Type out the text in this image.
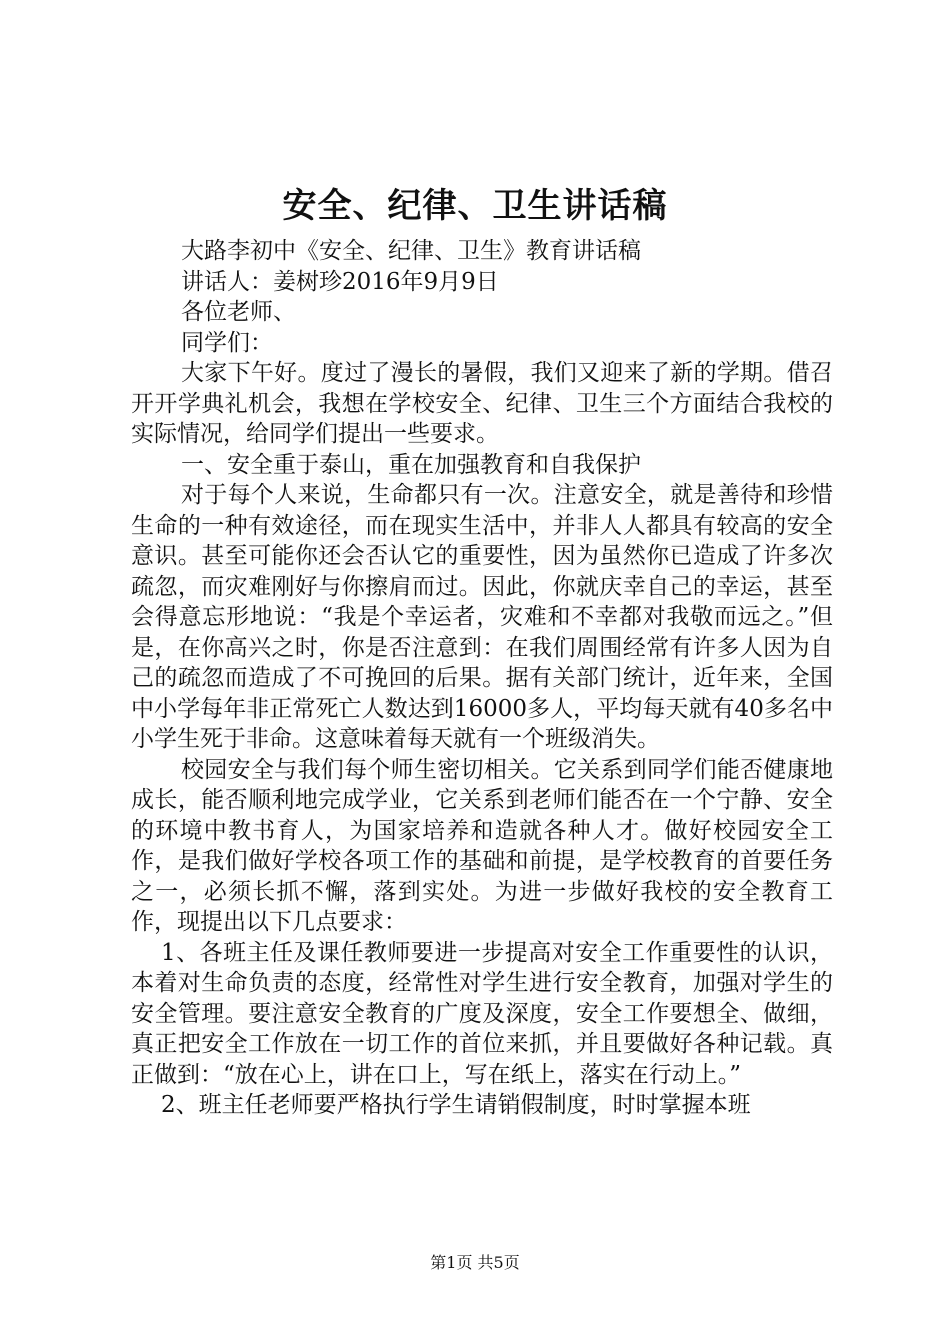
安全、纪律、卫生讲话稿

大路李初中《安全、纪律、卫生》教育讲话稿

讲话人：姜树珍2016年9月9日

各位老师、

同学们：

大家下午好。度过了漫长的暑假，我们又迎来了新的学期。借召开开学典礼机会，我想在学校安全、纪律、卫生三个方面结合我校的实际情况，给同学们提出一些要求。

一、安全重于泰山，重在加强教育和自我保护

对于每个人来说，生命都只有一次。注意安全，就是善待和珍惜生命的一种有效途径，而在现实生活中，并非人人都具有较高的安全意识。甚至可能你还会否认它的重要性，因为虽然你已造成了许多次疏忽，而灾难刚好与你擦肩而过。因此，你就庆幸自己的幸运，甚至会得意忘形地说：“我是个幸运者，灾难和不幸都对我敬而远之。”但是，在你高兴之时，你是否注意到：在我们周围经常有许多人因为自己的疏忽而造成了不可挽回的后果。据有关部门统计，近年来，全国中小学每年非正常死亡人数达到16000多人，平均每天就有40多名中小学生死于非命。这意味着每天就有一个班级消失。

校园安全与我们每个师生密切相关。它关系到同学们能否健康地成长，能否顺利地完成学业，它关系到老师们能否在一个宁静、安全的环境中教书育人，为国家培养和造就各种人才。做好校园安全工作，是我们做好学校各项工作的基础和前提，是学校教育的首要任务之一，必须长抓不懈，落到实处。为进一步做好我校的安全教育工作，现提出以下几点要求：

1、各班主任及课任教师要进一步提高对安全工作重要性的认识，本着对生命负责的态度，经常性对学生进行安全教育，加强对学生的安全管理。要注意安全教育的广度及深度，安全工作要想全、做细，真正把安全工作放在一切工作的首位来抓，并且要做好各种记载。真正做到：“放在心上，讲在口上，写在纸上，落实在行动上。”

2、班主任老师要严格执行学生请销假制度，时时掌握本班

第1页 共5页
